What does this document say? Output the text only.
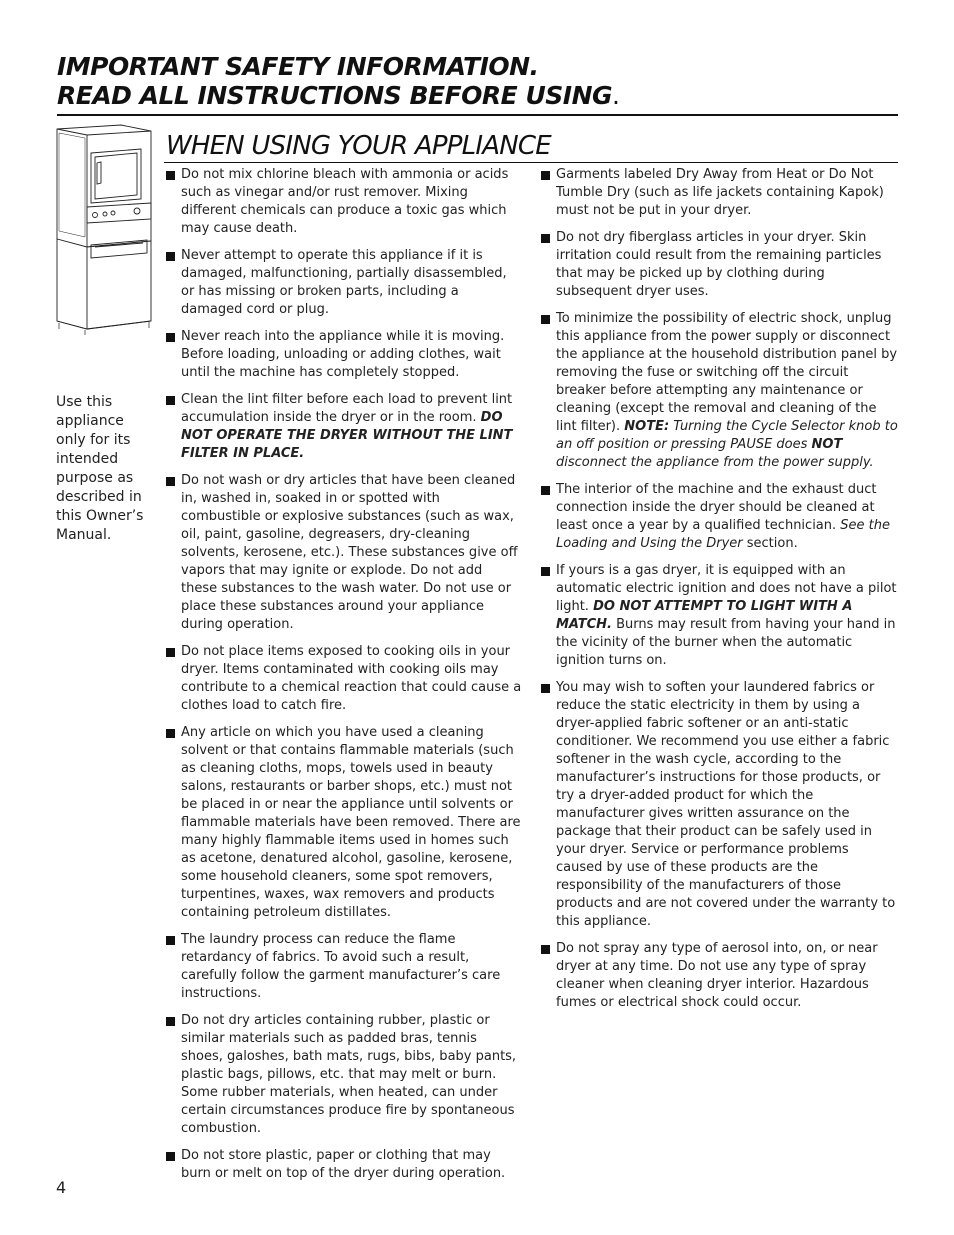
IMPORTANT SAFETY INFORMATION.
READ ALL INSTRUCTIONS BEFORE USING.
WHEN USING YOUR APPLIANCE
Use this appliance only for its intended purpose as described in this Owner’s Manual.
Do not mix chlorine bleach with ammonia or acids such as vinegar and/or rust remover. Mixing different chemicals can produce a toxic gas which may cause death.
Never attempt to operate this appliance if it is damaged, malfunctioning, partially disassembled, or has missing or broken parts, including a damaged cord or plug.
Never reach into the appliance while it is moving. Before loading, unloading or adding clothes, wait until the machine has completely stopped.
Clean the lint filter before each load to prevent lint accumulation inside the dryer or in the room. DO NOT OPERATE THE DRYER WITHOUT THE LINT FILTER IN PLACE.
Do not wash or dry articles that have been cleaned in, washed in, soaked in or spotted with combustible or explosive substances (such as wax, oil, paint, gasoline, degreasers, dry-cleaning solvents, kerosene, etc.). These substances give off vapors that may ignite or explode. Do not add these substances to the wash water. Do not use or place these substances around your appliance during operation.
Do not place items exposed to cooking oils in your dryer. Items contaminated with cooking oils may contribute to a chemical reaction that could cause a clothes load to catch fire.
Any article on which you have used a cleaning solvent or that contains flammable materials (such as cleaning cloths, mops, towels used in beauty salons, restaurants or barber shops, etc.) must not be placed in or near the appliance until solvents or flammable materials have been removed. There are many highly flammable items used in homes such as acetone, denatured alcohol, gasoline, kerosene, some household cleaners, some spot removers, turpentines, waxes, wax removers and products containing petroleum distillates.
The laundry process can reduce the flame retardancy of fabrics. To avoid such a result, carefully follow the garment manufacturer’s care instructions.
Do not dry articles containing rubber, plastic or similar materials such as padded bras, tennis shoes, galoshes, bath mats, rugs, bibs, baby pants, plastic bags, pillows, etc. that may melt or burn. Some rubber materials, when heated, can under certain circumstances produce fire by spontaneous combustion.
Do not store plastic, paper or clothing that may burn or melt on top of the dryer during operation.
Garments labeled Dry Away from Heat or Do Not Tumble Dry (such as life jackets containing Kapok) must not be put in your dryer.
Do not dry fiberglass articles in your dryer. Skin irritation could result from the remaining particles that may be picked up by clothing during subsequent dryer uses.
To minimize the possibility of electric shock, unplug this appliance from the power supply or disconnect the appliance at the household distribution panel by removing the fuse or switching off the circuit breaker before attempting any maintenance or cleaning (except the removal and cleaning of the lint filter). NOTE: Turning the Cycle Selector knob to an off position or pressing PAUSE does NOT disconnect the appliance from the power supply.
The interior of the machine and the exhaust duct connection inside the dryer should be cleaned at least once a year by a qualified technician. See the Loading and Using the Dryer section.
If yours is a gas dryer, it is equipped with an automatic electric ignition and does not have a pilot light. DO NOT ATTEMPT TO LIGHT WITH A MATCH. Burns may result from having your hand in the vicinity of the burner when the automatic ignition turns on.
You may wish to soften your laundered fabrics or reduce the static electricity in them by using a dryer-applied fabric softener or an anti-static conditioner. We recommend you use either a fabric softener in the wash cycle, according to the manufacturer’s instructions for those products, or try a dryer-added product for which the manufacturer gives written assurance on the package that their product can be safely used in your dryer. Service or performance problems caused by use of these products are the responsibility of the manufacturers of those products and are not covered under the warranty to this appliance.
Do not spray any type of aerosol into, on, or near dryer at any time. Do not use any type of spray cleaner when cleaning dryer interior. Hazardous fumes or electrical shock could occur.
4
